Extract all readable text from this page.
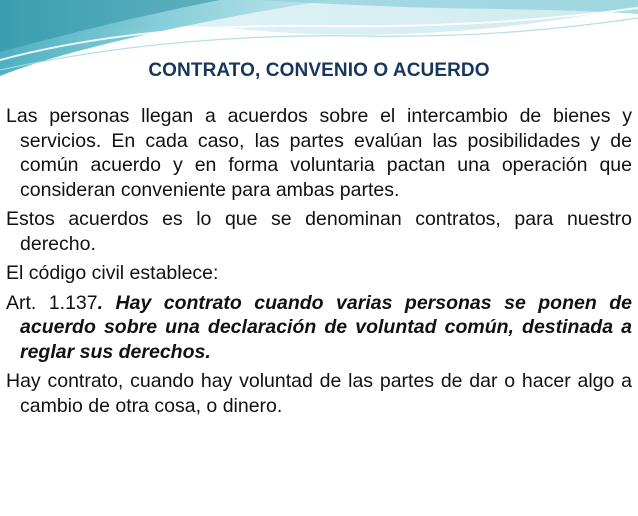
CONTRATO, CONVENIO O ACUERDO

Las personas llegan a acuerdos sobre el intercambio de bienes y servicios. En cada caso, las partes evalúan las posibilidades y de común acuerdo y en forma voluntaria pactan una operación que consideran conveniente para ambas partes.

Estos acuerdos es lo que se denominan contratos, para nuestro derecho.

El código civil establece:

Art. 1.137. Hay contrato cuando varias personas se ponen de acuerdo sobre una declaración de voluntad común, destinada a reglar sus derechos.

Hay contrato, cuando hay voluntad de las partes de dar o hacer algo a cambio de otra cosa, o dinero.
